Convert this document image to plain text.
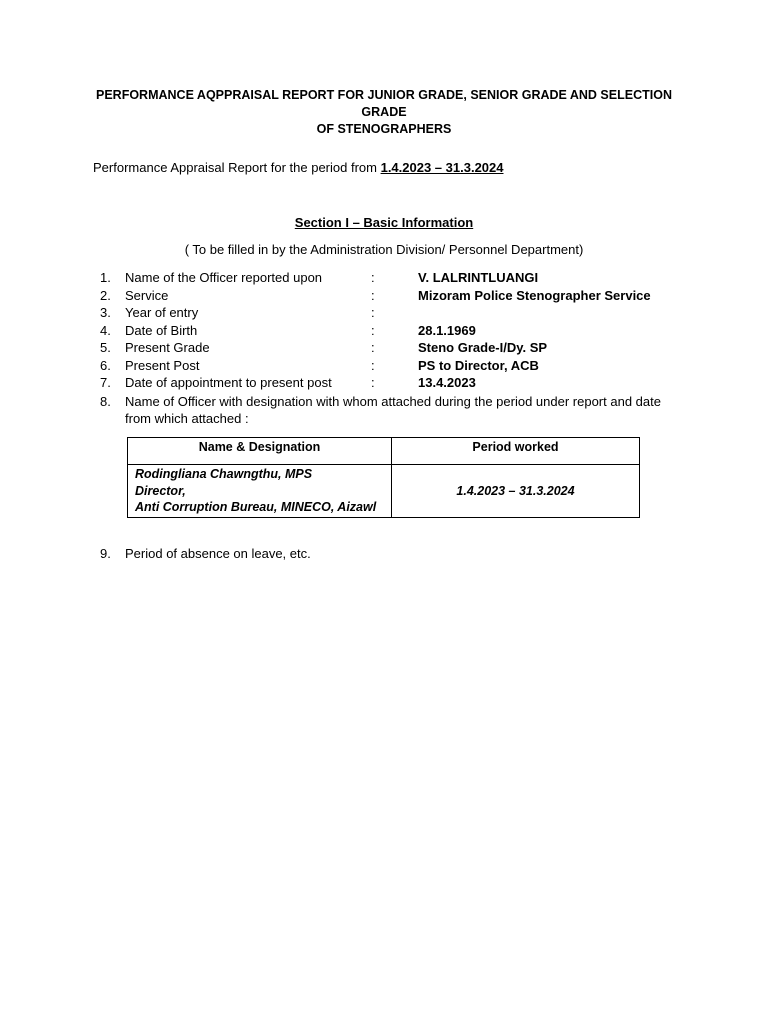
PERFORMANCE AQPPRAISAL REPORT FOR JUNIOR GRADE, SENIOR GRADE AND SELECTION GRADE
OF STENOGRAPHERS
Performance Appraisal Report for the period from 1.4.2023 – 31.3.2024
Section I – Basic Information
( To be filled in by the Administration Division/ Personnel Department)
1.	Name of the Officer reported upon	:	V. LALRINTLUANGI
2.	Service	:	Mizoram Police Stenographer Service
3.	Year of entry	:
4.	Date of Birth	:	28.1.1969
5.	Present Grade	:	Steno Grade-I/Dy. SP
6.	Present Post	:	PS to Director, ACB
7.	Date of appointment to present post	:	13.4.2023
8.	Name of Officer with designation with whom attached during the period under report and date from which attached :
Name & Designation	Period worked

Rodingliana Chawngthu, MPS
Director,
Anti Corruption Bureau, MINECO, Aizawl	1.4.2023 – 31.3.2024
9.	Period of absence on leave, etc.
